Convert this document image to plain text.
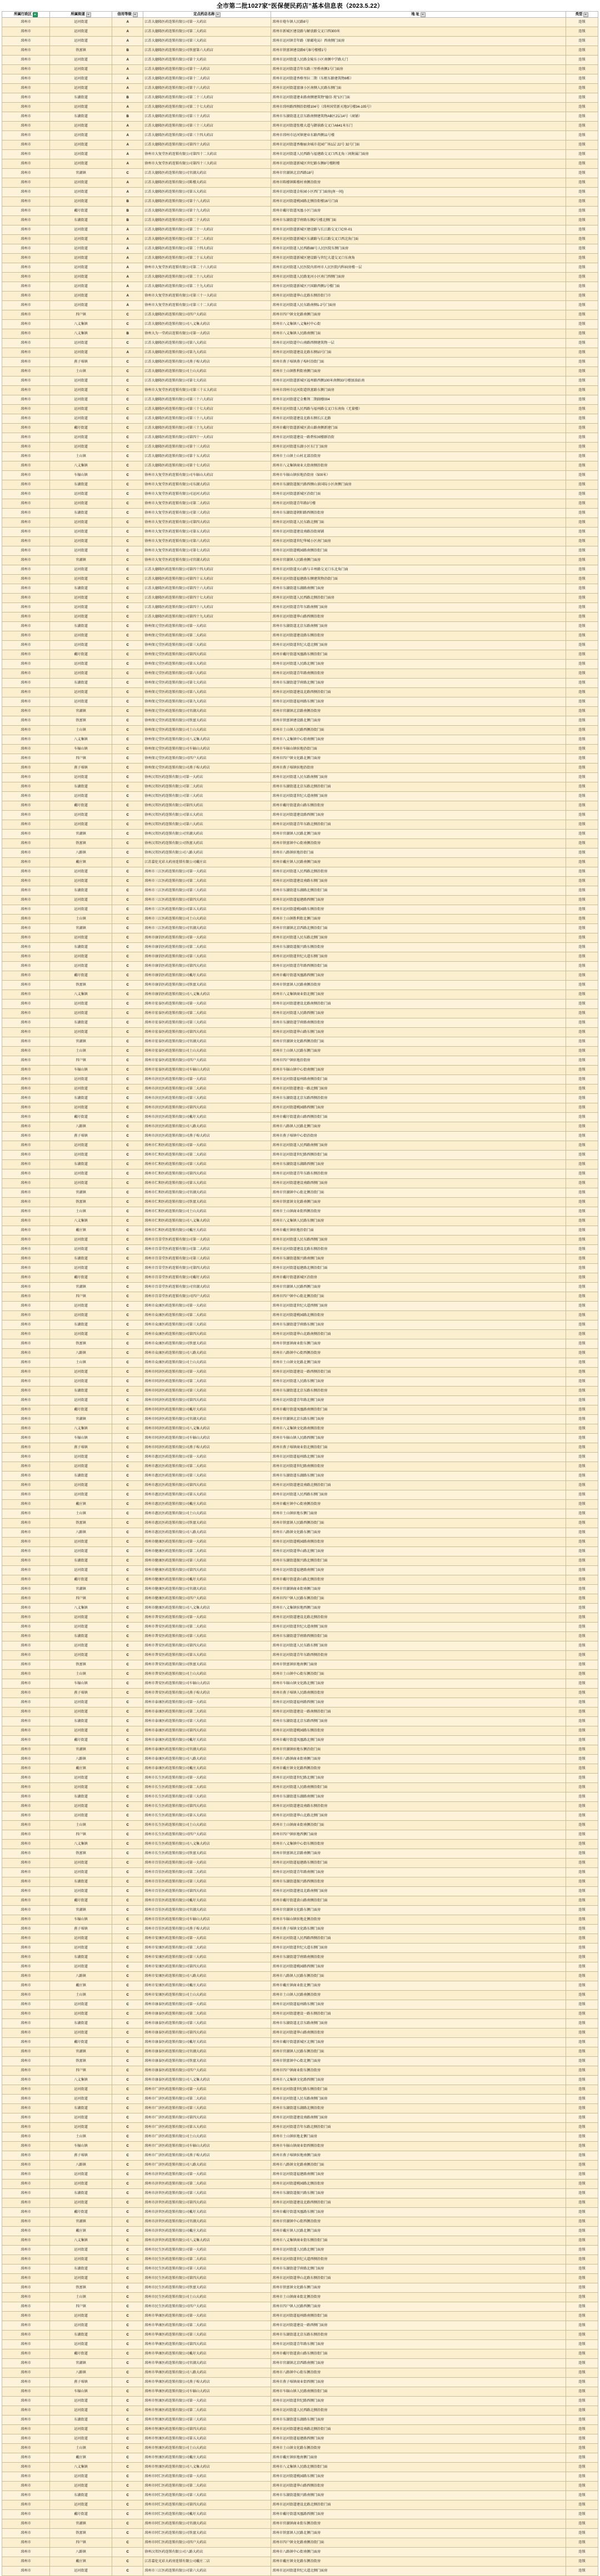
全市第二批1027家“医保便民药店”基本信息表（2023.5.22）
所属行政区	所属街道	信用等级	定点药店名称	地 址	类型

邳州市	运河街道	A	江苏大德隆医药连锁有限公司第一大药店	邳州市炮车镇人民路8号	连锁
邳州市	运河街道	A	江苏大德隆医药连锁有限公司第二大药店	邳州市新城区建设路与解放路交叉口西300米	连锁
邳州市	运河街道	A	江苏大德隆医药连锁有限公司第三大药店	邳州市运河镇青年路（原邮电局）西南侧门面房	连锁
邳州市	铁富镇	B	江苏大德隆医药连锁有限公司铁富第六大药店	邳州市铁富镇建设路6号B号楼楼1号	连锁
邳州市	运河街道	A	江苏大德隆医药连锁有限公司第十大药店	邳州市运河街道人民路金陵东小区南侧中学路大门	连锁
邳州市	运河街道	A	江苏大德隆医药连锁有限公司第十一大药店	邳州市运河街道青年东路三里桥南侧1号门面房	连锁
邳州市	运河街道	A	江苏大德隆医药连锁有限公司第十二大药店	邳州市运河街道香格里拉二期（东枢东路建筑物6栋）	连锁
邳州市	运河街道	A	江苏大德隆医药连锁有限公司第十六大药店	邳州市运河街道富康小区南侧人民路东侧门面	连锁
邳州市	东湖街道	B	江苏大德隆医药连锁有限公司第二十三大药店	邳州市运河街道建业路南侧建筑物“德信·苑”1区门面	连锁
邳州市	运河街道	A	江苏大德隆医药连锁有限公司第二十七大药店	邳州市邳州路西侧沿街楼104号（邳州国贸新天地3号楼34-105号）	连锁
邳州市	东湖街道	B	江苏大德隆医药连锁有限公司第三十大药店	邳州市东湖街道北京东路南侧建筑物AB区2层14号（商铺）	连锁
邳州市	运河街道	A	江苏大德隆医药连锁有限公司第三十三大药店	邳州市运河街道张楼大道与御景路交叉口A641米东门	连锁
邳州市	运河街道	A	江苏大德隆医药连锁有限公司第三十四大药店	邳州市邳州市运河镇建业东路西侧11号楼	连锁
邳州市	运河街道	A	江苏大德隆医药连锁有限公司第四十大药店	邳州市运河街道香榭丽舍城市花园广场1层 22号 32号门面	连锁
邳州市	运河街道	A	徐州市大复堂医药连锁有限公司第四十二大药店	邳州市运河街道人民西路与福建路交叉口西北角三间附属门面房	连锁
邳州市	运河街道	A	徐州市大复堂医药连锁有限公司第四十三大药店	邳州市运河街道新城区世纪路东侧8号楼附楼	连锁
邳州市	官湖镇	C	江苏大德隆医药连锁有限公司官湖大药店	邳州市官湖镇北京西路18号	连锁
邳州市	运河街道	A	江苏大德隆医药连锁有限公司陈楼大药店	邳州市陈楼镇陈楼村南侧沿街房	连锁
邳州市	运河街道	A	江苏大德隆医药连锁有限公司第五大药店	邳州市运河街道金桂园小区西门门面房(南一间)	连锁
邳州市	运河街道	B	江苏大德隆医药连锁有限公司第十八大药店	邳州市运河街道桃园路北侧沿街楼16号门面	连锁
邳州市	戴圩街道	B	江苏大德隆医药连锁有限公司第十九大药店	邳州市戴圩街道凤凰小区门面房	连锁
邳州市	东湖街道	B	江苏大德隆医药连锁有限公司第二十大药店	邳州市东湖街道学府路东侧2号楼北侧门面	连锁
邳州市	运河街道	A	江苏大德隆医药连锁有限公司第二十一大药店	邳州市运河街道新城区建设路与长江路交叉口C座-01	连锁
邳州市	运河街道	A	江苏大德隆医药连锁有限公司第二十二大药店	邳州市运河街道新城区东湖路与长江路交叉口西北角门面	连锁
邳州市	运河街道	A	江苏大德隆医药连锁有限公司第二十四大药店	邳州市运河街道人民西路88号人民医院东侧门面房	连锁
邳州市	运河街道	A	江苏大德隆医药连锁有限公司第二十五大药店	邳州市运河街道新城区建设路与世纪大道交叉口东南角	连锁
邳州市	运河街道	A	徐州市大复堂医药连锁有限公司第二十六大药店	邳州市运河街道人民医院内邳州市人民医院内科病房楼一层	连锁
邳州市	运河街道	A	江苏大德隆医药连锁有限公司第二十八大药店	邳州市运河街道人民路龙河小区南门西侧门面房	连锁
邳州市	运河街道	A	江苏大德隆医药连锁有限公司第二十九大药店	邳州市运河街道新城区兴国路西侧1号楼门面	连锁
邳州市	运河街道	A	徐州市大复堂医药连锁有限公司第三十一大药店	邳州市运河街道华山北路东侧沿街门市	连锁
邳州市	运河街道	A	徐州市大复堂医药连锁有限公司第三十二大药店	邳州市运河街道人民东路南侧1-2号门面房	连锁
邳州市	四户镇	C	江苏大德隆医药连锁有限公司四户大药店	邳州市四户镇文化路南侧门面房	连锁
邳州市	八义集镇	C	江苏大德隆医药连锁有限公司八义集大药店	邳州市八义集镇八义集村中心街	连锁
邳州市	八义集镇	B	徐州大为一堂药店连锁有限公司第一大药店	邳州市八义集镇人民路南侧门面	连锁
邳州市	运河街道	C	江苏大德隆医药连锁有限公司第八大药店	邳州市运河街道中山南路西侧建筑物一层	连锁
邳州市	运河街道	A	江苏大德隆医药连锁有限公司第九大药店	邳州市运河街道建设北路东侧10号门面	连锁
邳州市	燕子埠镇	C	江苏大德隆医药连锁有限公司燕子埠大药店	邳州市燕子埠镇燕子埠村沿街门面	连锁
邳州市	土山镇	C	江苏大德隆医药连锁有限公司土山大药店	邳州市土山镇胜利街南侧门面房	连锁
邳州市	运河街道	C	江苏大德隆医药连锁有限公司第七大药店	邳州市运河街道新城区福州路西侧100米南侧33号楼加油站南	连锁
邳州市	运河街道	C	徐州市大复堂医药连锁有限公司第三十五大药店	徐州市邳州市运河街道铁富路东侧门面房	连锁
邳州市	运河街道	C	江苏大德隆医药连锁有限公司第三十六大药店	邳州市运河街道定金紫荆二期副楼004	连锁
邳州市	运河街道	C	江苏大德隆医药连锁有限公司第三十七大药店	邳州市运河街道人民西路与福州路交叉口东南角（无量楼）	连锁
邳州市	运河街道	C	江苏大德隆医药连锁有限公司第三十八大药店	邳州市运河街道建设北路东侧长江北路	连锁
邳州市	戴圩街道	C	江苏大德隆医药连锁有限公司第三十九大药店	邳州市戴圩街道新城区黄山路南侧新建门面	连锁
邳州市	运河街道	C	江苏大德隆医药连锁有限公司第四十一大药店	邳州市运河街道建设一路碧桂园楼群沿街	连锁
邳州市	运河街道	C	江苏大德隆医药连锁有限公司第十三大药店	邳州市运河街道东湖小区东门门面房	连锁
邳州市	土山镇	C	江苏大德隆医药连锁有限公司第十五大药店	邳州市土山镇土山村北部沿街房	连锁
邳州市	八义集镇	C	江苏大德隆医药连锁有限公司第十七大药店	邳州市八义集镇商业大街南侧沿街房	连锁
邳州市	车辐山镇	C	徐州市大复堂医药连锁有限公司车辐山大药店	邳州市车辐山镇驻地沿街房（500米）	连锁
邳州市	东湖街道	C	徐州市大复堂医药连锁有限公司东湖大药店	邳州市东湖街道振兴路西侧山景国际小区南侧门面房	连锁
邳州市	运河街道	C	徐州市大复堂医药连锁有限公司运河大药店	邳州市运河街道新城区沿街门面	连锁
邳州市	运河街道	C	徐州市大复堂医药连锁有限公司第二大药店	邳州市运河街道青年路3号楼	连锁
邳州市	东湖街道	C	徐州市大复堂医药连锁有限公司第三大药店	邳州市东湖街道朝阳路西侧沿街房	连锁
邳州市	运河街道	C	徐州市大复堂医药连锁有限公司第四大药店	邳州市运河街道人民东路北侧门面	连锁
邳州市	运河街道	C	徐州市大复堂医药连锁有限公司第五大药店	邳州市运河街道建设南路沿街商铺	连锁
邳州市	运河街道	C	徐州市大复堂医药连锁有限公司第六大药店	邳州市运河街道世纪华城小区南门面房	连锁
邳州市	运河街道	C	徐州市大复堂医药连锁有限公司第七大药店	邳州市运河街道桃园路南侧沿街门面	连锁
邳州市	官湖镇	C	徐州市大复堂医药连锁有限公司官湖大药店	邳州市官湖镇人民路南侧门面房	连锁
邳州市	运河街道	C	江苏大德隆医药连锁有限公司第四十四大药店	邳州市运河街道天山路与丰州路交叉口东北角门面	连锁
邳州市	运河街道	C	江苏大德隆医药连锁有限公司第四十五大药店	邳州市运河街道福建路东侧建筑物沿街门面	连锁
邳州市	东湖街道	C	江苏大德隆医药连锁有限公司第四十六大药店	邳州市东湖街道东湖路南侧门面房	连锁
邳州市	运河街道	C	江苏大德隆医药连锁有限公司第四十七大药店	邳州市运河街道人民西路北侧沿街门面房	连锁
邳州市	运河街道	C	江苏大德隆医药连锁有限公司第四十八大药店	邳州市运河街道青年东路南侧门面房	连锁
邳州市	运河街道	C	江苏大德隆医药连锁有限公司第四十九大药店	邳州市运河街道华山路西侧沿街房	连锁
邳州市	东湖街道	C	徐州保元堂医药连锁有限公司第一大药店	邳州市东湖街道北京东路南侧门面房	连锁
邳州市	运河街道	C	徐州保元堂医药连锁有限公司第二大药店	邳州市运河街道建设路东侧沿街房	连锁
邳州市	运河街道	C	徐州保元堂医药连锁有限公司第三大药店	邳州市运河街道世纪大道北侧门面房	连锁
邳州市	戴圩街道	C	徐州保元堂医药连锁有限公司第四大药店	邳州市戴圩街道凤凰路东侧沿街门面	连锁
邳州市	运河街道	C	徐州保元堂医药连锁有限公司第五大药店	邳州市运河街道人民路北侧门面房	连锁
邳州市	运河街道	C	徐州保元堂医药连锁有限公司第六大药店	邳州市运河街道青年路南侧沿街房	连锁
邳州市	东湖街道	C	徐州保元堂医药连锁有限公司第七大药店	邳州市东湖街道学府路北侧门面房	连锁
邳州市	运河街道	C	徐州保元堂医药连锁有限公司第八大药店	邳州市运河街道建设北路西侧沿街门面	连锁
邳州市	运河街道	C	徐州保元堂医药连锁有限公司第九大药店	邳州市运河街道福州路东侧门面房	连锁
邳州市	官湖镇	C	徐州保元堂医药连锁有限公司官湖大药店	邳州市官湖镇北京路南侧沿街房	连锁
邳州市	铁富镇	C	徐州保元堂医药连锁有限公司铁富大药店	邳州市铁富镇建设路北侧门面房	连锁
邳州市	土山镇	C	徐州保元堂医药连锁有限公司土山大药店	邳州市土山镇人民路西侧沿街门面	连锁
邳州市	八义集镇	C	徐州保元堂医药连锁有限公司八义集大药店	邳州市八义集镇中心街南侧门面房	连锁
邳州市	车辐山镇	C	徐州保元堂医药连锁有限公司车辐山大药店	邳州市车辐山镇驻地沿街门面	连锁
邳州市	四户镇	C	徐州保元堂医药连锁有限公司四户大药店	邳州市四户镇文化路北侧门面房	连锁
邳州市	燕子埠镇	C	徐州保元堂医药连锁有限公司燕子埠大药店	邳州市燕子埠镇驻地沿街房	连锁
邳州市	运河街道	C	徐州汉邦医药连锁有限公司第一大药店	邳州市运河街道人民东路南侧门面房	连锁
邳州市	东湖街道	C	徐州汉邦医药连锁有限公司第二大药店	邳州市东湖街道北京东路北侧沿街门面	连锁
邳州市	运河街道	C	徐州汉邦医药连锁有限公司第三大药店	邳州市运河街道世纪大道南侧门面房	连锁
邳州市	戴圩街道	C	徐州汉邦医药连锁有限公司第四大药店	邳州市戴圩街道黄山路东侧沿街房	连锁
邳州市	运河街道	C	徐州汉邦医药连锁有限公司第五大药店	邳州市运河街道建设路西侧门面房	连锁
邳州市	运河街道	C	徐州汉邦医药连锁有限公司第六大药店	邳州市运河街道青年东路北侧沿街门面	连锁
邳州市	官湖镇	C	徐州汉邦医药连锁有限公司官湖大药店	邳州市官湖镇人民路北侧门面房	连锁
邳州市	铁富镇	C	徐州汉邦医药连锁有限公司铁富大药店	邳州市铁富镇中心街南侧沿街房	连锁
邳州市	八路镇	C	徐州汉邦医药连锁有限公司八路大药店	邳州市八路镇驻地沿街门面	连锁
邳州市	戴庄镇	C	江苏嘉伦光彩大药房连锁有限公司戴庄店	邳州市戴庄镇人民路南侧门面房	连锁
邳州市	运河街道	C	邳州市三江医药连锁有限公司第一大药店	邳州市运河街道人民西路北侧沿街房	连锁
邳州市	运河街道	C	邳州市三江医药连锁有限公司第二大药店	邳州市运河街道建设南路东侧门面房	连锁
邳州市	东湖街道	C	邳州市三江医药连锁有限公司第三大药店	邳州市东湖街道东湖路北侧沿街门面	连锁
邳州市	运河街道	C	邳州市三江医药连锁有限公司第四大药店	邳州市运河街道福建路西侧门面房	连锁
邳州市	运河街道	C	邳州市三江医药连锁有限公司第五大药店	邳州市运河街道桃园路东侧沿街房	连锁
邳州市	土山镇	C	邳州市三江医药连锁有限公司土山大药店	邳州市土山镇胜利街北侧门面房	连锁
邳州市	官湖镇	C	邳州市三江医药连锁有限公司官湖大药店	邳州市官湖镇北京西路北侧沿街门面	连锁
邳州市	运河街道	C	邳州市康信医药连锁有限公司第一大药店	邳州市运河街道人民东路北侧门面房	连锁
邳州市	东湖街道	C	邳州市康信医药连锁有限公司第二大药店	邳州市东湖街道振兴路东侧沿街房	连锁
邳州市	运河街道	C	邳州市康信医药连锁有限公司第三大药店	邳州市运河街道世纪大道东侧门面房	连锁
邳州市	运河街道	C	邳州市康信医药连锁有限公司第四大药店	邳州市运河街道青年路西侧沿街门面	连锁
邳州市	戴圩街道	C	邳州市康信医药连锁有限公司戴圩大药店	邳州市戴圩街道凤凰路西侧门面房	连锁
邳州市	铁富镇	C	邳州市康信医药连锁有限公司铁富大药店	邳州市铁富镇人民路南侧沿街房	连锁
邳州市	八义集镇	C	邳州市康信医药连锁有限公司八义集大药店	邳州市八义集镇商业街北侧门面房	连锁
邳州市	运河街道	C	邳州市宏泰医药连锁有限公司第一大药店	邳州市运河街道建设北路南侧沿街门面	连锁
邳州市	运河街道	C	邳州市宏泰医药连锁有限公司第二大药店	邳州市运河街道人民路西侧门面房	连锁
邳州市	东湖街道	C	邳州市宏泰医药连锁有限公司第三大药店	邳州市东湖街道学府路南侧沿街房	连锁
邳州市	运河街道	C	邳州市宏泰医药连锁有限公司第四大药店	邳州市运河街道华山路东侧门面房	连锁
邳州市	官湖镇	C	邳州市宏泰医药连锁有限公司官湖大药店	邳州市官湖镇文化路西侧沿街门面	连锁
邳州市	土山镇	C	邳州市宏泰医药连锁有限公司土山大药店	邳州市土山镇人民路东侧门面房	连锁
邳州市	四户镇	C	邳州市宏泰医药连锁有限公司四户大药店	邳州市四户镇驻地沿街房	连锁
邳州市	车辐山镇	C	邳州市宏泰医药连锁有限公司车辐山大药店	邳州市车辐山镇中心街南侧门面房	连锁
邳州市	运河街道	C	邳州市济民医药连锁有限公司第一大药店	邳州市运河街道福州路南侧沿街门面	连锁
邳州市	运河街道	C	邳州市济民医药连锁有限公司第二大药店	邳州市运河街道建设一路北侧门面房	连锁
邳州市	东湖街道	C	邳州市济民医药连锁有限公司第三大药店	邳州市东湖街道北京东路西侧沿街房	连锁
邳州市	运河街道	C	邳州市济民医药连锁有限公司第四大药店	邳州市运河街道桃园路西侧门面房	连锁
邳州市	戴圩街道	C	邳州市济民医药连锁有限公司戴圩大药店	邳州市戴圩街道黄山路西侧沿街门面	连锁
邳州市	八路镇	C	邳州市济民医药连锁有限公司八路大药店	邳州市八路镇人民路北侧门面房	连锁
邳州市	燕子埠镇	C	邳州市济民医药连锁有限公司燕子埠大药店	邳州市燕子埠镇中心街沿街房	连锁
邳州市	运河街道	C	邳州市仁和医药连锁有限公司第一大药店	邳州市运河街道人民西路南侧门面房	连锁
邳州市	运河街道	C	邳州市仁和医药连锁有限公司第二大药店	邳州市运河街道世纪路西侧沿街门面	连锁
邳州市	东湖街道	C	邳州市仁和医药连锁有限公司第三大药店	邳州市东湖街道东湖路西侧门面房	连锁
邳州市	运河街道	C	邳州市仁和医药连锁有限公司第四大药店	邳州市运河街道青年东路东侧沿街房	连锁
邳州市	运河街道	C	邳州市仁和医药连锁有限公司第五大药店	邳州市运河街道建设南路西侧门面房	连锁
邳州市	官湖镇	C	邳州市仁和医药连锁有限公司官湖大药店	邳州市官湖镇中心街北侧沿街门面	连锁
邳州市	铁富镇	C	邳州市仁和医药连锁有限公司铁富大药店	邳州市铁富镇文化路南侧门面房	连锁
邳州市	土山镇	C	邳州市仁和医药连锁有限公司土山大药店	邳州市土山镇商业街西侧沿街房	连锁
邳州市	八义集镇	C	邳州市仁和医药连锁有限公司八义集大药店	邳州市八义集镇人民路东侧门面房	连锁
邳州市	戴庄镇	C	邳州市仁和医药连锁有限公司戴庄大药店	邳州市戴庄镇驻地沿街门面	连锁
邳州市	运河街道	C	邳州市百草堂医药连锁有限公司第一大药店	邳州市运河街道人民东路西侧门面房	连锁
邳州市	运河街道	C	邳州市百草堂医药连锁有限公司第二大药店	邳州市运河街道建设北路东侧沿街房	连锁
邳州市	东湖街道	C	邳州市百草堂医药连锁有限公司第三大药店	邳州市东湖街道振兴路南侧门面房	连锁
邳州市	运河街道	C	邳州市百草堂医药连锁有限公司第四大药店	邳州市运河街道福建路北侧沿街门面	连锁
邳州市	戴圩街道	C	邳州市百草堂医药连锁有限公司戴圩大药店	邳州市戴圩街道新城区沿街房	连锁
邳州市	官湖镇	C	邳州市百草堂医药连锁有限公司官湖大药店	邳州市官湖镇人民路西侧门面房	连锁
邳州市	四户镇	C	邳州市百草堂医药连锁有限公司四户大药店	邳州市四户镇中心街北侧沿街门面	连锁
邳州市	运河街道	C	邳州市众康医药连锁有限公司第一大药店	邳州市运河街道世纪大道西侧门面房	连锁
邳州市	运河街道	C	邳州市众康医药连锁有限公司第二大药店	邳州市运河街道桃园路北侧沿街房	连锁
邳州市	东湖街道	C	邳州市众康医药连锁有限公司第三大药店	邳州市东湖街道学府路东侧门面房	连锁
邳州市	运河街道	C	邳州市众康医药连锁有限公司第四大药店	邳州市运河街道华山北路南侧沿街门面	连锁
邳州市	铁富镇	C	邳州市众康医药连锁有限公司铁富大药店	邳州市铁富镇商业街东侧门面房	连锁
邳州市	八路镇	C	邳州市众康医药连锁有限公司八路大药店	邳州市八路镇中心街西侧沿街房	连锁
邳州市	土山镇	C	邳州市众康医药连锁有限公司土山大药店	邳州市土山镇文化路北侧门面房	连锁
邳州市	运河街道	C	邳州市同济医药连锁有限公司第一大药店	邳州市运河街道建设一路西侧沿街门面	连锁
邳州市	运河街道	C	邳州市同济医药连锁有限公司第二大药店	邳州市运河街道人民路东侧门面房	连锁
邳州市	东湖街道	C	邳州市同济医药连锁有限公司第三大药店	邳州市东湖街道北京东路东侧沿街房	连锁
邳州市	运河街道	C	邳州市同济医药连锁有限公司第四大药店	邳州市运河街道青年路北侧门面房	连锁
邳州市	戴圩街道	C	邳州市同济医药连锁有限公司戴圩大药店	邳州市戴圩街道凤凰路南侧沿街门面	连锁
邳州市	官湖镇	C	邳州市同济医药连锁有限公司官湖大药店	邳州市官湖镇北京东路东侧门面房	连锁
邳州市	八义集镇	C	邳州市同济医药连锁有限公司八义集大药店	邳州市八义集镇文化路南侧沿街房	连锁
邳州市	车辐山镇	C	邳州市同济医药连锁有限公司车辐山大药店	邳州市车辐山镇人民路西侧门面房	连锁
邳州市	燕子埠镇	C	邳州市同济医药连锁有限公司燕子埠大药店	邳州市燕子埠镇商业街北侧沿街门面	连锁
邳州市	运河街道	C	邳州市惠民医药连锁有限公司第一大药店	邳州市运河街道福州路北侧门面房	连锁
邳州市	运河街道	C	邳州市惠民医药连锁有限公司第二大药店	邳州市运河街道世纪路南侧沿街房	连锁
邳州市	东湖街道	C	邳州市惠民医药连锁有限公司第三大药店	邳州市东湖街道东湖路东侧门面房	连锁
邳州市	运河街道	C	邳州市惠民医药连锁有限公司第四大药店	邳州市运河街道建设南路北侧沿街门面	连锁
邳州市	运河街道	C	邳州市惠民医药连锁有限公司第五大药店	邳州市运河街道人民西路东侧门面房	连锁
邳州市	戴庄镇	C	邳州市惠民医药连锁有限公司戴庄大药店	邳州市戴庄镇中心街南侧沿街房	连锁
邳州市	土山镇	C	邳州市惠民医药连锁有限公司土山大药店	邳州市土山镇驻地东侧门面房	连锁
邳州市	铁富镇	C	邳州市惠民医药连锁有限公司铁富大药店	邳州市铁富镇人民路西侧沿街门面	连锁
邳州市	八路镇	C	邳州市惠民医药连锁有限公司八路大药店	邳州市八路镇文化路东侧门面房	连锁
邳州市	运河街道	C	邳州市健康医药连锁有限公司第一大药店	邳州市运河街道桃园路南侧沿街房	连锁
邳州市	运河街道	C	邳州市健康医药连锁有限公司第二大药店	邳州市运河街道华山路北侧门面房	连锁
邳州市	东湖街道	C	邳州市健康医药连锁有限公司第三大药店	邳州市东湖街道振兴路北侧沿街门面	连锁
邳州市	运河街道	C	邳州市健康医药连锁有限公司第四大药店	邳州市运河街道福建路南侧门面房	连锁
邳州市	戴圩街道	C	邳州市健康医药连锁有限公司戴圩大药店	邳州市戴圩街道黄山路北侧沿街房	连锁
邳州市	官湖镇	C	邳州市健康医药连锁有限公司官湖大药店	邳州市官湖镇商业街南侧门面房	连锁
邳州市	四户镇	C	邳州市健康医药连锁有限公司四户大药店	邳州市四户镇人民路东侧沿街门面	连锁
邳州市	八义集镇	C	邳州市健康医药连锁有限公司八义集大药店	邳州市八义集镇驻地西侧门面房	连锁
邳州市	运河街道	C	邳州市普安医药连锁有限公司第一大药店	邳州市运河街道建设北路北侧沿街房	连锁
邳州市	运河街道	C	邳州市普安医药连锁有限公司第二大药店	邳州市运河街道世纪大道南侧门面房	连锁
邳州市	东湖街道	C	邳州市普安医药连锁有限公司第三大药店	邳州市东湖街道学府路西侧沿街门面	连锁
邳州市	运河街道	C	邳州市普安医药连锁有限公司第四大药店	邳州市运河街道人民东路东侧门面房	连锁
邳州市	运河街道	C	邳州市普安医药连锁有限公司第五大药店	邳州市运河街道青年东路西侧沿街房	连锁
邳州市	铁富镇	C	邳州市普安医药连锁有限公司铁富大药店	邳州市铁富镇驻地南侧门面房	连锁
邳州市	土山镇	C	邳州市普安医药连锁有限公司土山大药店	邳州市土山镇中心街东侧沿街门面	连锁
邳州市	车辐山镇	C	邳州市普安医药连锁有限公司车辐山大药店	邳州市车辐山镇文化路北侧门面房	连锁
邳州市	燕子埠镇	C	邳州市普安医药连锁有限公司燕子埠大药店	邳州市燕子埠镇人民路南侧沿街房	连锁
邳州市	运河街道	C	邳州市泰康医药连锁有限公司第一大药店	邳州市运河街道福州路西侧门面房	连锁
邳州市	运河街道	C	邳州市泰康医药连锁有限公司第二大药店	邳州市运河街道建设一路南侧沿街门面	连锁
邳州市	东湖街道	C	邳州市泰康医药连锁有限公司第三大药店	邳州市东湖街道北京东路西侧门面房	连锁
邳州市	运河街道	C	邳州市泰康医药连锁有限公司第四大药店	邳州市运河街道桃园路东侧沿街房	连锁
邳州市	戴圩街道	C	邳州市泰康医药连锁有限公司戴圩大药店	邳州市戴圩街道凤凰路北侧门面房	连锁
邳州市	官湖镇	C	邳州市泰康医药连锁有限公司官湖大药店	邳州市官湖镇驻地东侧沿街门面	连锁
邳州市	八路镇	C	邳州市泰康医药连锁有限公司八路大药店	邳州市八路镇商业街南侧门面房	连锁
邳州市	戴庄镇	C	邳州市泰康医药连锁有限公司戴庄大药店	邳州市戴庄镇文化路西侧沿街房	连锁
邳州市	运河街道	C	邳州市长生医药连锁有限公司第一大药店	邳州市运河街道世纪路北侧门面房	连锁
邳州市	运河街道	C	邳州市长生医药连锁有限公司第二大药店	邳州市运河街道人民路南侧沿街门面	连锁
邳州市	东湖街道	C	邳州市长生医药连锁有限公司第三大药店	邳州市东湖街道东湖路南侧门面房	连锁
邳州市	运河街道	C	邳州市长生医药连锁有限公司第四大药店	邳州市运河街道建设南路东侧沿街房	连锁
邳州市	运河街道	C	邳州市长生医药连锁有限公司第五大药店	邳州市运河街道华山北路北侧门面房	连锁
邳州市	土山镇	C	邳州市长生医药连锁有限公司土山大药店	邳州市土山镇商业街南侧沿街门面	连锁
邳州市	四户镇	C	邳州市长生医药连锁有限公司四户大药店	邳州市四户镇驻地西侧门面房	连锁
邳州市	八义集镇	C	邳州市长生医药连锁有限公司八义集大药店	邳州市八义集镇中心街东侧沿街房	连锁
邳州市	铁富镇	C	邳州市长生医药连锁有限公司铁富大药店	邳州市铁富镇北京路南侧门面房	连锁
邳州市	运河街道	C	邳州市百佳医药连锁有限公司第一大药店	邳州市运河街道福建路东侧沿街门面	连锁
邳州市	运河街道	C	邳州市百佳医药连锁有限公司第二大药店	邳州市运河街道青年路南侧门面房	连锁
邳州市	东湖街道	C	邳州市百佳医药连锁有限公司第三大药店	邳州市东湖街道振兴路西侧沿街房	连锁
邳州市	运河街道	C	邳州市百佳医药连锁有限公司第四大药店	邳州市运河街道建设北路南侧门面房	连锁
邳州市	戴圩街道	C	邳州市百佳医药连锁有限公司戴圩大药店	邳州市戴圩街道黄山路南侧沿街门面	连锁
邳州市	官湖镇	C	邳州市百佳医药连锁有限公司官湖大药店	邳州市官湖镇文化路东侧门面房	连锁
邳州市	车辐山镇	C	邳州市百佳医药连锁有限公司车辐山大药店	邳州市车辐山镇驻地北侧沿街房	连锁
邳州市	燕子埠镇	C	邳州市百佳医药连锁有限公司燕子埠大药店	邳州市燕子埠镇文化路东侧门面房	连锁
邳州市	运河街道	C	邳州市安康医药连锁有限公司第一大药店	邳州市运河街道人民西路西侧沿街门面	连锁
邳州市	运河街道	C	邳州市安康医药连锁有限公司第二大药店	邳州市运河街道世纪大道东侧门面房	连锁
邳州市	东湖街道	C	邳州市安康医药连锁有限公司第三大药店	邳州市东湖街道学府路南侧沿街房	连锁
邳州市	运河街道	C	邳州市安康医药连锁有限公司第四大药店	邳州市运河街道桃园路西侧门面房	连锁
邳州市	八路镇	C	邳州市安康医药连锁有限公司八路大药店	邳州市八路镇人民路东侧沿街门面	连锁
邳州市	戴庄镇	C	邳州市安康医药连锁有限公司戴庄大药店	邳州市戴庄镇商业街北侧门面房	连锁
邳州市	土山镇	C	邳州市安康医药连锁有限公司土山大药店	邳州市土山镇人民路南侧沿街房	连锁
邳州市	运河街道	C	邳州市康泰医药连锁有限公司第一大药店	邳州市运河街道福州路东侧门面房	连锁
邳州市	运河街道	C	邳州市康泰医药连锁有限公司第二大药店	邳州市运河街道建设一路东侧沿街门面	连锁
邳州市	东湖街道	C	邳州市康泰医药连锁有限公司第三大药店	邳州市东湖街道北京东路南侧门面房	连锁
邳州市	运河街道	C	邳州市康泰医药连锁有限公司第四大药店	邳州市运河街道华山路南侧沿街房	连锁
邳州市	戴圩街道	C	邳州市康泰医药连锁有限公司戴圩大药店	邳州市戴圩街道新城区北侧门面房	连锁
邳州市	官湖镇	C	邳州市康泰医药连锁有限公司官湖大药店	邳州市官湖镇人民路东侧沿街门面	连锁
邳州市	铁富镇	C	邳州市康泰医药连锁有限公司铁富大药店	邳州市铁富镇中心街北侧门面房	连锁
邳州市	四户镇	C	邳州市康泰医药连锁有限公司四户大药店	邳州市四户镇商业街东侧沿街房	连锁
邳州市	八义集镇	C	邳州市康泰医药连锁有限公司八义集大药店	邳州市八义集镇文化路西侧门面房	连锁
邳州市	运河街道	C	邳州市广济医药连锁有限公司第一大药店	邳州市运河街道世纪路东侧沿街门面	连锁
邳州市	运河街道	C	邳州市广济医药连锁有限公司第二大药店	邳州市运河街道人民东路南侧门面房	连锁
邳州市	东湖街道	C	邳州市广济医药连锁有限公司第三大药店	邳州市东湖街道东湖路北侧沿街房	连锁
邳州市	运河街道	C	邳州市广济医药连锁有限公司第四大药店	邳州市运河街道建设南路南侧门面房	连锁
邳州市	运河街道	C	邳州市广济医药连锁有限公司第五大药店	邳州市运河街道青年东路北侧沿街门面	连锁
邳州市	土山镇	C	邳州市广济医药连锁有限公司土山大药店	邳州市土山镇驻地北侧门面房	连锁
邳州市	车辐山镇	C	邳州市广济医药连锁有限公司车辐山大药店	邳州市车辐山镇商业街西侧沿街房	连锁
邳州市	燕子埠镇	C	邳州市广济医药连锁有限公司燕子埠大药店	邳州市燕子埠镇驻地南侧门面房	连锁
邳州市	八路镇	C	邳州市广济医药连锁有限公司八路大药店	邳州市八路镇文化路南侧沿街门面	连锁
邳州市	运河街道	C	邳州市济世医药连锁有限公司第一大药店	邳州市运河街道福建路南侧门面房	连锁
邳州市	运河街道	C	邳州市济世医药连锁有限公司第二大药店	邳州市运河街道桃园路北侧沿街房	连锁
邳州市	东湖街道	C	邳州市济世医药连锁有限公司第三大药店	邳州市东湖街道振兴路东侧门面房	连锁
邳州市	运河街道	C	邳州市济世医药连锁有限公司第四大药店	邳州市运河街道建设北路西侧沿街门面	连锁
邳州市	戴圩街道	C	邳州市济世医药连锁有限公司戴圩大药店	邳州市戴圩街道凤凰路东侧门面房	连锁
邳州市	官湖镇	C	邳州市济世医药连锁有限公司官湖大药店	邳州市官湖镇中心街西侧沿街房	连锁
邳州市	戴庄镇	C	邳州市济世医药连锁有限公司戴庄大药店	邳州市戴庄镇人民路北侧门面房	连锁
邳州市	八义集镇	C	邳州市济世医药连锁有限公司八义集大药店	邳州市八义集镇商业街东侧沿街门面	连锁
邳州市	运河街道	C	邳州市民生医药连锁有限公司第一大药店	邳州市运河街道人民路北侧门面房	连锁
邳州市	运河街道	C	邳州市民生医药连锁有限公司第二大药店	邳州市运河街道世纪大道西侧沿街房	连锁
邳州市	东湖街道	C	邳州市民生医药连锁有限公司第三大药店	邳州市东湖街道学府路北侧门面房	连锁
邳州市	运河街道	C	邳州市民生医药连锁有限公司第四大药店	邳州市运河街道华山北路东侧沿街门面	连锁
邳州市	铁富镇	C	邳州市民生医药连锁有限公司铁富大药店	邳州市铁富镇文化路东侧门面房	连锁
邳州市	土山镇	C	邳州市民生医药连锁有限公司土山大药店	邳州市土山镇商业街北侧沿街房	连锁
邳州市	四户镇	C	邳州市民生医药连锁有限公司四户大药店	邳州市四户镇人民路西侧门面房	连锁
邳州市	运河街道	C	邳州市华康医药连锁有限公司第一大药店	邳州市运河街道福州路南侧沿街门面	连锁
邳州市	运河街道	C	邳州市华康医药连锁有限公司第二大药店	邳州市运河街道建设一路西侧门面房	连锁
邳州市	东湖街道	C	邳州市华康医药连锁有限公司第三大药店	邳州市东湖街道北京东路东侧沿街房	连锁
邳州市	运河街道	C	邳州市华康医药连锁有限公司第四大药店	邳州市运河街道青年路东侧门面房	连锁
邳州市	戴圩街道	C	邳州市华康医药连锁有限公司戴圩大药店	邳州市戴圩街道黄山路东侧沿街门面	连锁
邳州市	官湖镇	C	邳州市华康医药连锁有限公司官湖大药店	邳州市官湖镇北京西路南侧门面房	连锁
邳州市	八路镇	C	邳州市华康医药连锁有限公司八路大药店	邳州市八路镇中心街东侧沿街房	连锁
邳州市	燕子埠镇	C	邳州市华康医药连锁有限公司燕子埠大药店	邳州市燕子埠镇商业街西侧门面房	连锁
邳州市	车辐山镇	C	邳州市华康医药连锁有限公司车辐山大药店	邳州市车辐山镇人民路南侧沿街门面	连锁
邳州市	运河街道	C	邳州市恒康医药连锁有限公司第一大药店	邳州市运河街道世纪路西侧门面房	连锁
邳州市	运河街道	C	邳州市恒康医药连锁有限公司第二大药店	邳州市运河街道人民西路北侧沿街房	连锁
邳州市	东湖街道	C	邳州市恒康医药连锁有限公司第三大药店	邳州市东湖街道东湖路东侧门面房	连锁
邳州市	运河街道	C	邳州市恒康医药连锁有限公司第四大药店	邳州市运河街道建设南路北侧沿街门面	连锁
邳州市	运河街道	C	邳州市恒康医药连锁有限公司第五大药店	邳州市运河街道福建路西侧门面房	连锁
邳州市	土山镇	C	邳州市恒康医药连锁有限公司土山大药店	邳州市土山镇文化路东侧沿街房	连锁
邳州市	戴庄镇	C	邳州市恒康医药连锁有限公司戴庄大药店	邳州市戴庄镇驻地南侧门面房	连锁
邳州市	八义集镇	C	邳州市恒康医药连锁有限公司八义集大药店	邳州市八义集镇人民路北侧沿街门面	连锁
邳州市	运河街道	C	邳州市同仁医药连锁有限公司第一大药店	邳州市运河街道桃园路东侧门面房	连锁
邳州市	运河街道	C	邳州市同仁医药连锁有限公司第二大药店	邳州市运河街道华山路西侧沿街房	连锁
邳州市	东湖街道	C	邳州市同仁医药连锁有限公司第三大药店	邳州市东湖街道振兴路南侧门面房	连锁
邳州市	运河街道	C	邳州市同仁医药连锁有限公司第四大药店	邳州市运河街道建设北路北侧沿街门面	连锁
邳州市	戴圩街道	C	邳州市同仁医药连锁有限公司戴圩大药店	邳州市戴圩街道凤凰路西侧门面房	连锁
邳州市	官湖镇	C	邳州市同仁医药连锁有限公司官湖大药店	邳州市官湖镇商业街东侧沿街房	连锁
邳州市	铁富镇	C	邳州市同仁医药连锁有限公司铁富大药店	邳州市铁富镇人民路北侧门面房	连锁
邳州市	四户镇	C	邳州市同仁医药连锁有限公司四户大药店	邳州市四户镇文化路南侧沿街门面	连锁
邳州市	八路镇	C	徐州汉邦医药连锁有限公司八路大药店	邳州市八路镇中心街南侧门面房	连锁
邳州市	戴庄镇	C	江苏嘉伦光彩大药房连锁有限公司戴庄二店	邳州市戴庄镇文化路东侧沿街房	连锁
邳州市	运河街道	C	邳州市三江医药连锁有限公司第六大药店	邳州市运河街道世纪大道北侧门面房	连锁
